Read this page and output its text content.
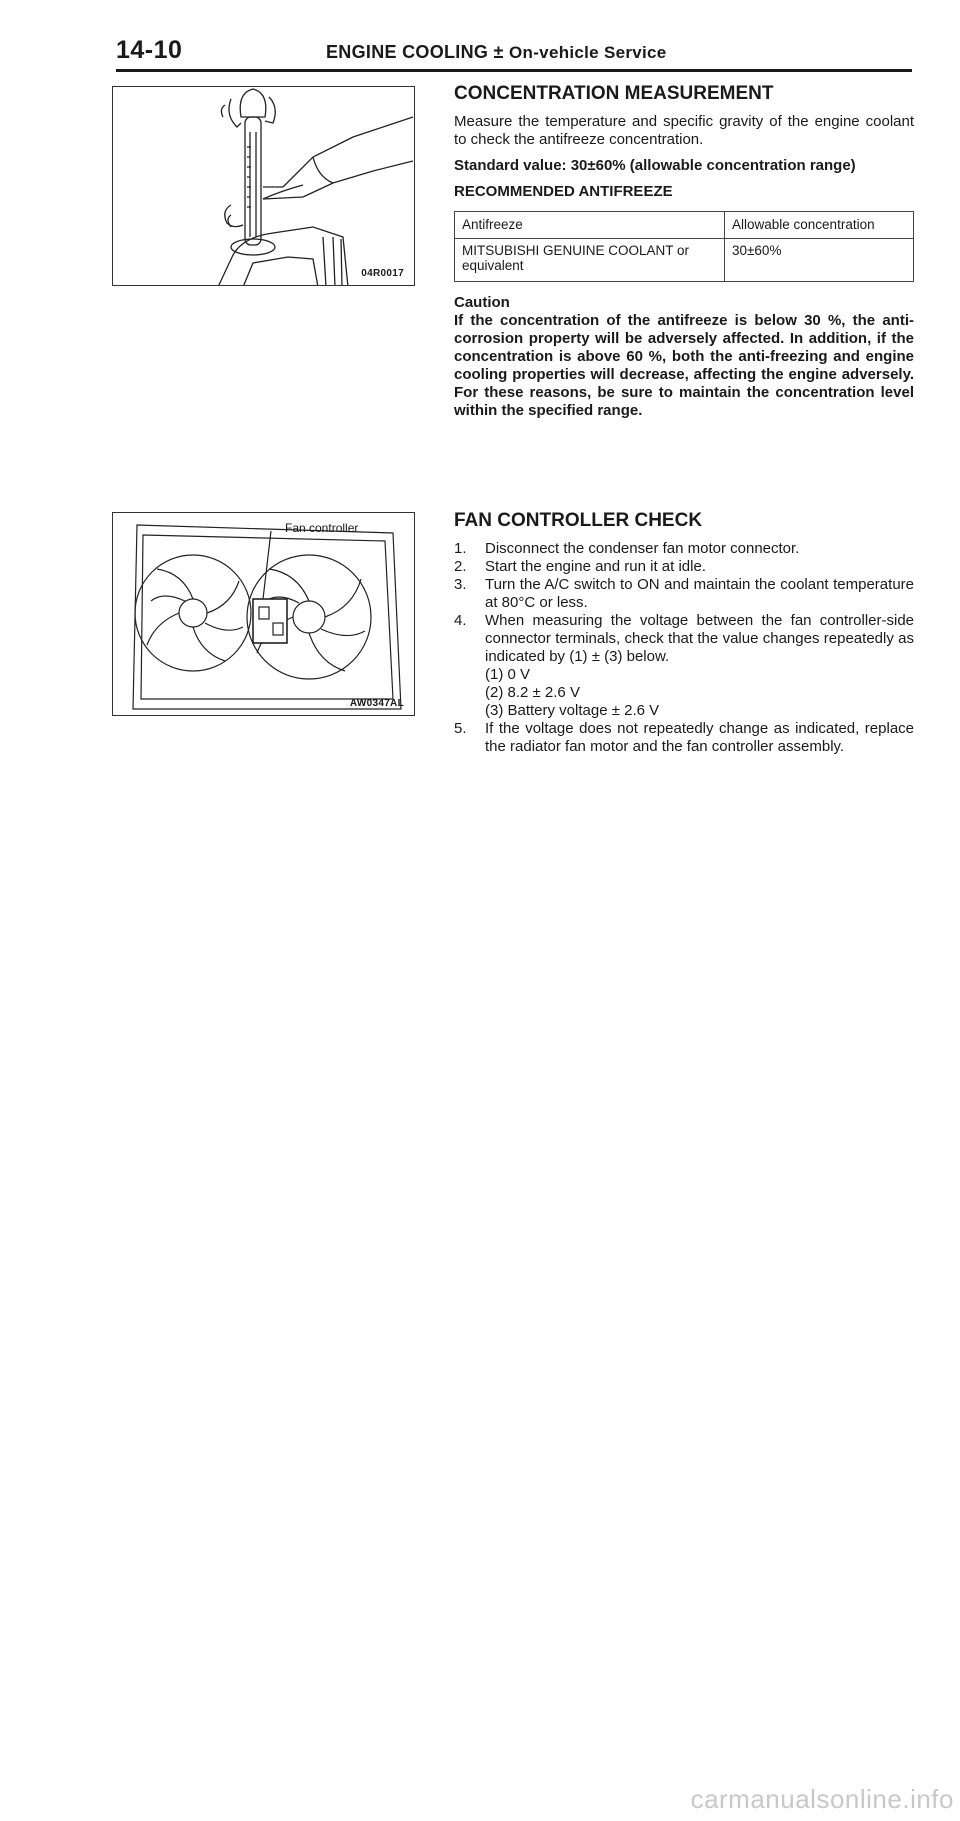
14-10	ENGINE COOLING ± On-vehicle Service
04R0017
Fan controller
AW0347AL
CONCENTRATION MEASUREMENT

Measure the temperature and specific gravity of the engine coolant to check the antifreeze concentration.

Standard value: 30±60% (allowable concentration range)

RECOMMENDED ANTIFREEZE

Antifreeze	Allowable concentration
MITSUBISHI GENUINE COOLANT or equivalent	30±60%
Caution

If the concentration of the antifreeze is below 30 %, the anti-corrosion property will be adversely affected. In addition, if the concentration is above 60 %, both the anti-freezing and engine cooling properties will decrease, affecting the engine adversely. For these reasons, be sure to maintain the concentration level within the specified range.

FAN CONTROLLER CHECK
1. Disconnect the condenser fan motor connector.
2. Start the engine and run it at idle.
3. Turn the A/C switch to ON and maintain the coolant temperature at 80°C or less.
4. When measuring the voltage between the fan controller-side connector terminals, check that the value changes repeatedly as indicated by (1) ± (3) below.
(1) 0 V
(2) 8.2 ± 2.6 V
(3) Battery voltage ± 2.6 V
5. If the voltage does not repeatedly change as indicated, replace the radiator fan motor and the fan controller assembly.
carmanualsonline.info
